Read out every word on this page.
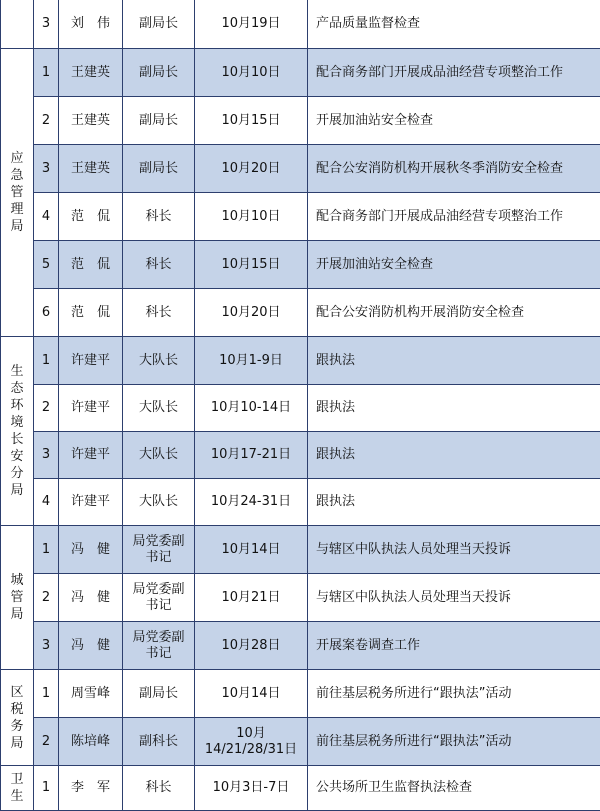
	3	刘　伟	副局长	10月19日	产品质量监督检查
应急管理局	1	王建英	副局长	10月10日	配合商务部门开展成品油经营专项整治工作
	2	王建英	副局长	10月15日	开展加油站安全检查
	3	王建英	副局长	10月20日	配合公安消防机构开展秋冬季消防安全检查
	4	范　侃	科长	10月10日	配合商务部门开展成品油经营专项整治工作
	5	范　侃	科长	10月15日	开展加油站安全检查
	6	范　侃	科长	10月20日	配合公安消防机构开展消防安全检查
生态环境长安分局	1	许建平	大队长	10月1-9日	跟执法
	2	许建平	大队长	10月10-14日	跟执法
	3	许建平	大队长	10月17-21日	跟执法
	4	许建平	大队长	10月24-31日	跟执法
城管局	1	冯　健	局党委副书记	10月14日	与辖区中队执法人员处理当天投诉
	2	冯　健	局党委副书记	10月21日	与辖区中队执法人员处理当天投诉
	3	冯　健	局党委副书记	10月28日	开展案卷调查工作
区税务局	1	周雪峰	副局长	10月14日	前往基层税务所进行“跟执法”活动
	2	陈培峰	副科长	10月14/21/28/31日	前往基层税务所进行“跟执法”活动
卫生	1	李　军	科长	10月3日-7日	公共场所卫生监督执法检查
